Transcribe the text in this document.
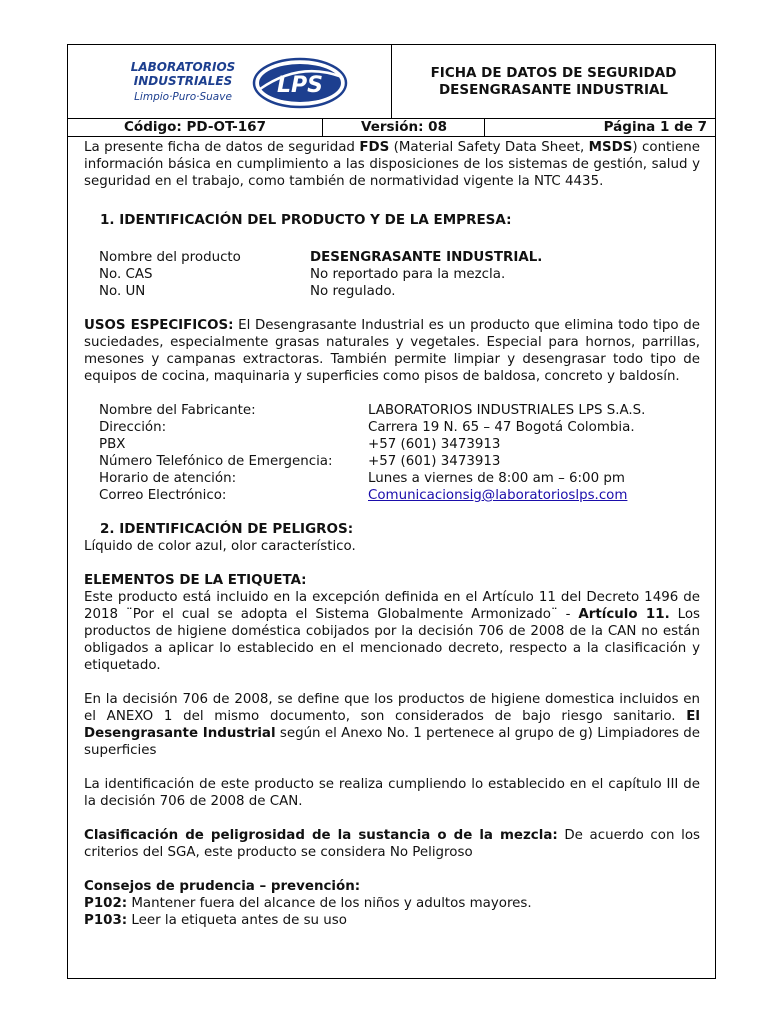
LABORATORIOS
INDUSTRIALES
Limpio·Puro·Suave LPS	FICHA DE DATOS DE SEGURIDAD
DESENGRASANTE INDUSTRIAL
Código: PD-OT-167	Versión: 08	Página 1 de 7

La presente ficha de datos de seguridad FDS (Material Safety Data Sheet, MSDS) contiene información básica en cumplimiento a las disposiciones de los sistemas de gestión, salud y seguridad en el trabajo, como también de normatividad vigente la NTC 4435.

1. IDENTIFICACIÓN DEL PRODUCTO Y DE LA EMPRESA:

Nombre del producto	DESENGRASANTE INDUSTRIAL.
No. CAS	No reportado para la mezcla.
No. UN	No regulado.

USOS ESPECIFICOS: El Desengrasante Industrial es un producto que elimina todo tipo de suciedades, especialmente grasas naturales y vegetales. Especial para hornos, parrillas, mesones y campanas extractoras. También permite limpiar y desengrasar todo tipo de equipos de cocina, maquinaria y superficies como pisos de baldosa, concreto y baldosín.

Nombre del Fabricante:	LABORATORIOS INDUSTRIALES LPS S.A.S.
Dirección:	Carrera 19 N. 65 – 47 Bogotá Colombia.
PBX	+57 (601) 3473913
Número Telefónico de Emergencia:	+57 (601) 3473913
Horario de atención:	Lunes a viernes de 8:00 am – 6:00 pm
Correo Electrónico:	Comunicacionsig@laboratorioslps.com

2. IDENTIFICACIÓN DE PELIGROS:

Líquido de color azul, olor característico.

ELEMENTOS DE LA ETIQUETA:

Este producto está incluido en la excepción definida en el Artículo 11 del Decreto 1496 de 2018 ¨Por el cual se adopta el Sistema Globalmente Armonizado¨ - Artículo 11. Los productos de higiene doméstica cobijados por la decisión 706 de 2008 de la CAN no están obligados a aplicar lo establecido en el mencionado decreto, respecto a la clasificación y etiquetado.

En la decisión 706 de 2008, se define que los productos de higiene domestica incluidos en el ANEXO 1 del mismo documento, son considerados de bajo riesgo sanitario. El Desengrasante Industrial según el Anexo No. 1 pertenece al grupo de g) Limpiadores de superficies

La identificación de este producto se realiza cumpliendo lo establecido en el capítulo III de la decisión 706 de 2008 de CAN.

Clasificación de peligrosidad de la sustancia o de la mezcla: De acuerdo con los criterios del SGA, este producto se considera No Peligroso

Consejos de prudencia – prevención:

P102: Mantener fuera del alcance de los niños y adultos mayores.

P103: Leer la etiqueta antes de su uso
